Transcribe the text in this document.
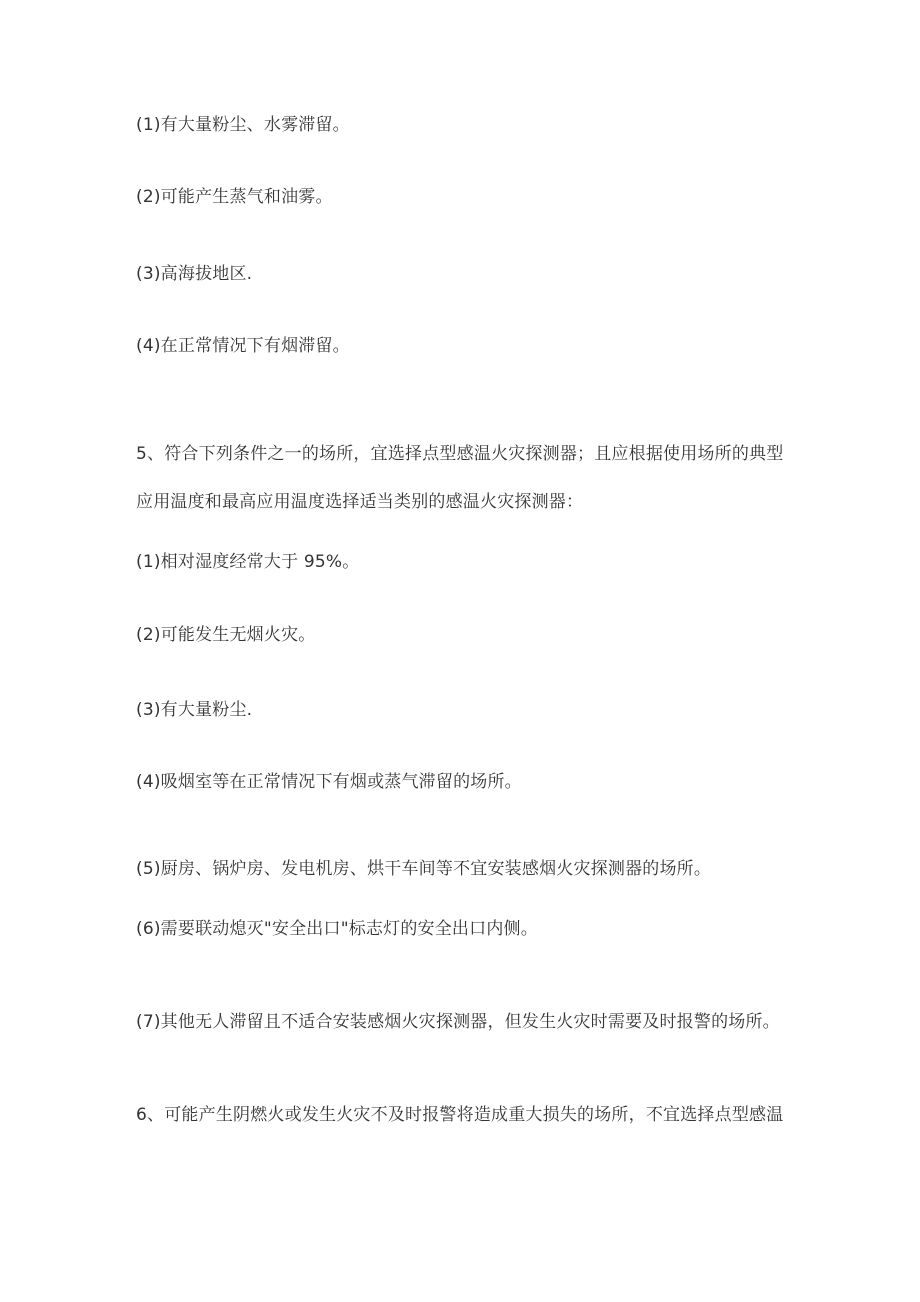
(1)有大量粉尘、水雾滞留。
(2)可能产生蒸气和油雾。
(3)高海拔地区.
(4)在正常情况下有烟滞留。
5、符合下列条件之一的场所，宜选择点型感温火灾探测器；且应根据使用场所的典型
应用温度和最高应用温度选择适当类别的感温火灾探测器：
(1)相对湿度经常大于 95%。
(2)可能发生无烟火灾。
(3)有大量粉尘.
(4)吸烟室等在正常情况下有烟或蒸气滞留的场所。
(5)厨房、锅炉房、发电机房、烘干车间等不宜安装感烟火灾探测器的场所。
(6)需要联动熄灭"安全出口"标志灯的安全出口内侧。
(7)其他无人滞留且不适合安装感烟火灾探测器，但发生火灾时需要及时报警的场所。
6、可能产生阴燃火或发生火灾不及时报警将造成重大损失的场所，不宜选择点型感温
